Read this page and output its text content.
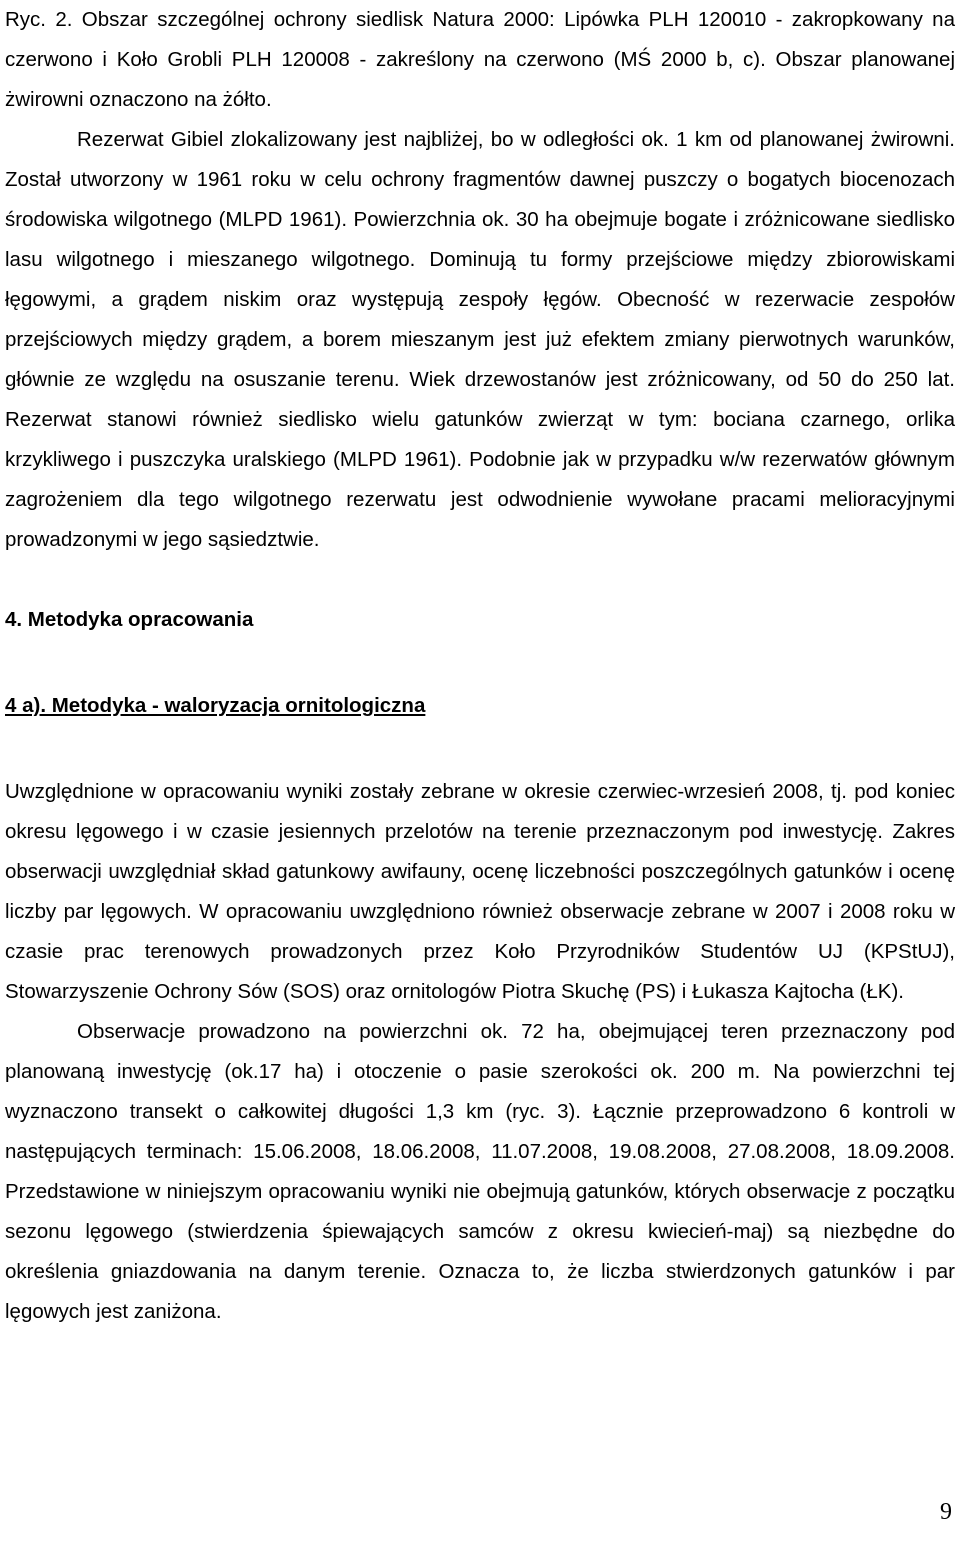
Ryc. 2. Obszar szczególnej ochrony siedlisk Natura 2000: Lipówka PLH 120010 - zakropkowany na czerwono i Koło Grobli PLH 120008 - zakreślony na czerwono (MŚ 2000 b, c). Obszar planowanej żwirowni oznaczono na żółto.

Rezerwat Gibiel zlokalizowany jest najbliżej, bo w odległości ok. 1 km od planowanej żwirowni. Został utworzony w 1961 roku w celu ochrony fragmentów dawnej puszczy o bogatych biocenozach środowiska wilgotnego (MLPD 1961). Powierzchnia ok. 30 ha obejmuje bogate i zróżnicowane siedlisko lasu wilgotnego i mieszanego wilgotnego. Dominują tu formy przejściowe między zbiorowiskami łęgowymi, a grądem niskim oraz występują zespoły łęgów. Obecność w rezerwacie zespołów przejściowych między grądem, a borem mieszanym jest już efektem zmiany pierwotnych warunków, głównie ze względu na osuszanie terenu. Wiek drzewostanów jest zróżnicowany, od 50 do 250 lat. Rezerwat stanowi również siedlisko wielu gatunków zwierząt w tym: bociana czarnego, orlika krzykliwego i puszczyka uralskiego (MLPD 1961). Podobnie jak w przypadku w/w rezerwatów głównym zagrożeniem dla tego wilgotnego rezerwatu jest odwodnienie wywołane pracami melioracyjnymi prowadzonymi w jego sąsiedztwie.

4. Metodyka opracowania

4 a). Metodyka - waloryzacja ornitologiczna

Uwzględnione w opracowaniu wyniki zostały zebrane w okresie czerwiec-wrzesień 2008, tj. pod koniec okresu lęgowego i w czasie jesiennych przelotów na terenie przeznaczonym pod inwestycję. Zakres obserwacji uwzględniał skład gatunkowy awifauny, ocenę liczebności poszczególnych gatunków i ocenę liczby par lęgowych. W opracowaniu uwzględniono również obserwacje zebrane w 2007 i 2008 roku w czasie prac terenowych prowadzonych przez Koło Przyrodników Studentów UJ (KPStUJ), Stowarzyszenie Ochrony Sów (SOS) oraz ornitologów Piotra Skuchę (PS) i Łukasza Kajtocha (ŁK).

Obserwacje prowadzono na powierzchni ok. 72 ha, obejmującej teren przeznaczony pod planowaną inwestycję (ok.17 ha) i otoczenie o pasie szerokości ok. 200 m. Na powierzchni tej wyznaczono transekt o całkowitej długości 1,3 km (ryc. 3). Łącznie przeprowadzono 6 kontroli w następujących terminach: 15.06.2008, 18.06.2008, 11.07.2008, 19.08.2008, 27.08.2008, 18.09.2008. Przedstawione w niniejszym opracowaniu wyniki nie obejmują gatunków, których obserwacje z początku sezonu lęgowego (stwierdzenia śpiewających samców z okresu kwiecień-maj) są niezbędne do określenia gniazdowania na danym terenie. Oznacza to, że liczba stwierdzonych gatunków i par lęgowych jest zaniżona.

9
